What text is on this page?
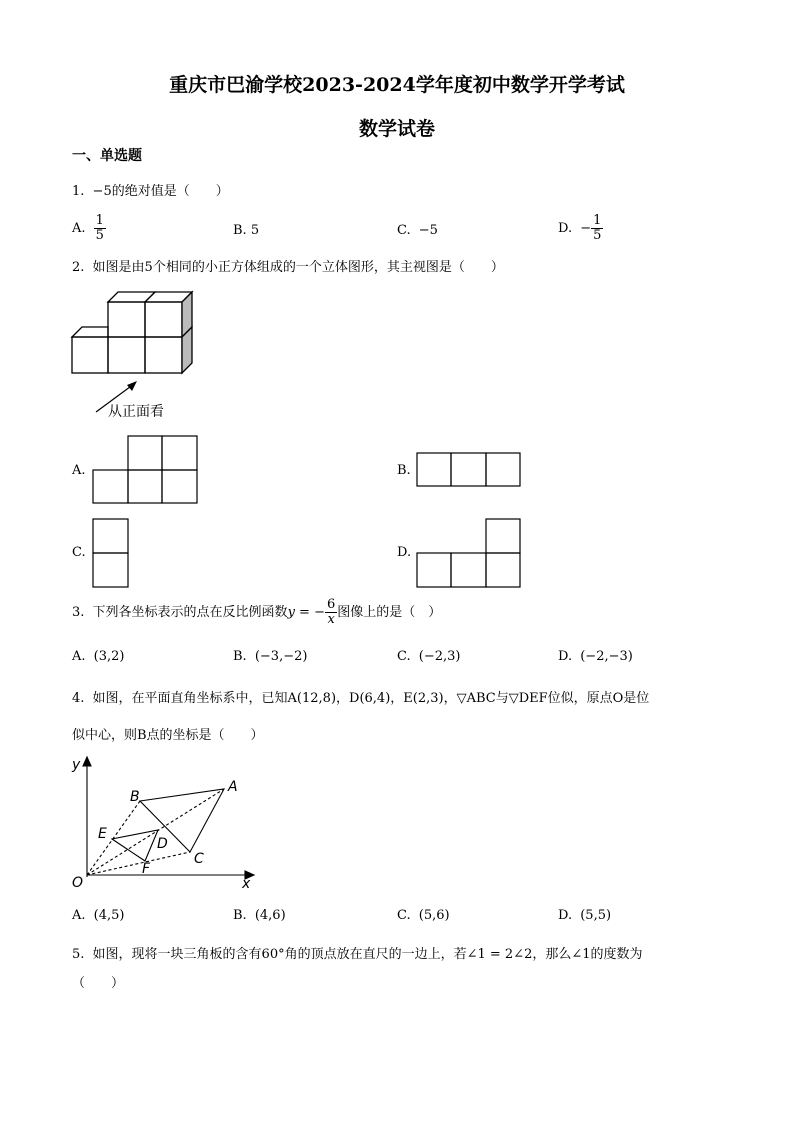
重庆市巴渝学校2023-2024学年度初中数学开学考试
数学试卷
一、单选题
1. −5的绝对值是（　　）
A. $\frac{1}{5}$	B. 5	C. −5	D. − $\frac{1}{5}$
2. 如图是由5个相同的小正方体组成的一个立体图形，其主视图是（　　）
从正面看
A.	B.
C.	D.
3. 下列各坐标表示的点在反比例函数y = − $\frac{6}{x}$ 图像上的是（　）
A. (3,2)	B. (−3,−2)	C. (−2,3)	D. (−2,−3)
4. 如图，在平面直角坐标系中，已知A(12,8)，D(6,4)，E(2,3)，▽ABC与▽DEF位似，原点O是位
似中心，则B点的坐标是（　　）
y
x
O
A
B
C
D
E
F
A. (4,5)	B. (4,6)	C. (5,6)	D. (5,5)
5. 如图，现将一块三角板的含有60°角的顶点放在直尺的一边上，若∠1 = 2∠2，那么∠1的度数为
（　　）
